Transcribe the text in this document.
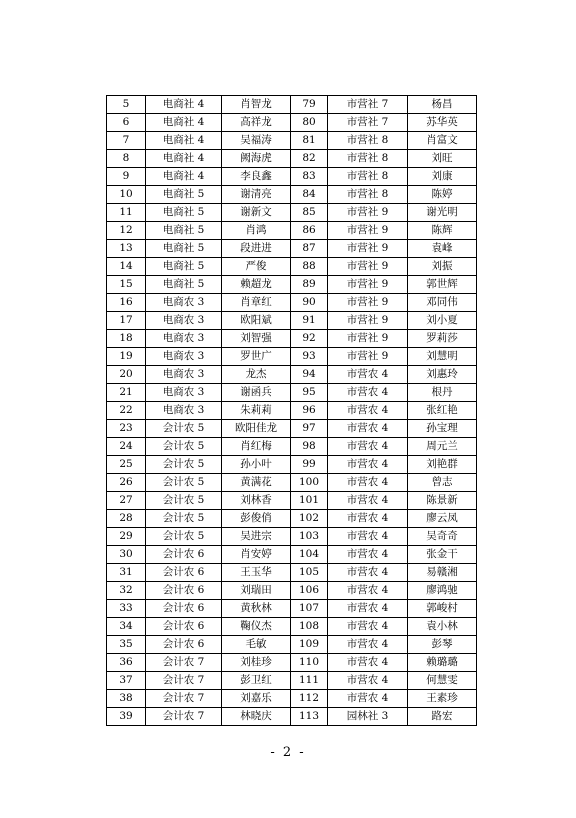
5	电商社 4	肖智龙	79	市营社 7	杨昌
6	电商社 4	高祥龙	80	市营社 7	苏华英
7	电商社 4	吴福涛	81	市营社 8	肖富文
8	电商社 4	阙海虎	82	市营社 8	刘旺
9	电商社 4	李良鑫	83	市营社 8	刘康
10	电商社 5	谢清亮	84	市营社 8	陈婷
11	电商社 5	谢新文	85	市营社 9	谢光明
12	电商社 5	肖鸿	86	市营社 9	陈辉
13	电商社 5	段进进	87	市营社 9	袁峰
14	电商社 5	严俊	88	市营社 9	刘振
15	电商社 5	赖超龙	89	市营社 9	郭世辉
16	电商农 3	肖章红	90	市营社 9	邓同伟
17	电商农 3	欧阳斌	91	市营社 9	刘小夏
18	电商农 3	刘智强	92	市营社 9	罗莉莎
19	电商农 3	罗世广	93	市营社 9	刘慧明
20	电商农 3	龙杰	94	市营农 4	刘惠玲
21	电商农 3	谢函兵	95	市营农 4	根丹
22	电商农 3	朱莉莉	96	市营农 4	张红艳
23	会计农 5	欧阳佳龙	97	市营农 4	孙宝理
24	会计农 5	肖红梅	98	市营农 4	周元兰
25	会计农 5	孙小叶	99	市营农 4	刘艳群
26	会计农 5	黄满花	100	市营农 4	曾志
27	会计农 5	刘林香	101	市营农 4	陈景新
28	会计农 5	彭俊俏	102	市营农 4	廖云凤
29	会计农 5	吴进宗	103	市营农 4	吴奇奇
30	会计农 6	肖安婷	104	市营农 4	张金干
31	会计农 6	王玉华	105	市营农 4	易赣湘
32	会计农 6	刘瑞田	106	市营农 4	廖鸿驰
33	会计农 6	黄秋林	107	市营农 4	郭峻村
34	会计农 6	鞠仪杰	108	市营农 4	袁小林
35	会计农 6	毛敏	109	市营农 4	彭琴
36	会计农 7	刘桂珍	110	市营农 4	赖璐璐
37	会计农 7	彭卫红	111	市营农 4	何慧雯
38	会计农 7	刘嘉乐	112	市营农 4	王素珍
39	会计农 7	林晓庆	113	园林社 3	路宏
- 2 -
